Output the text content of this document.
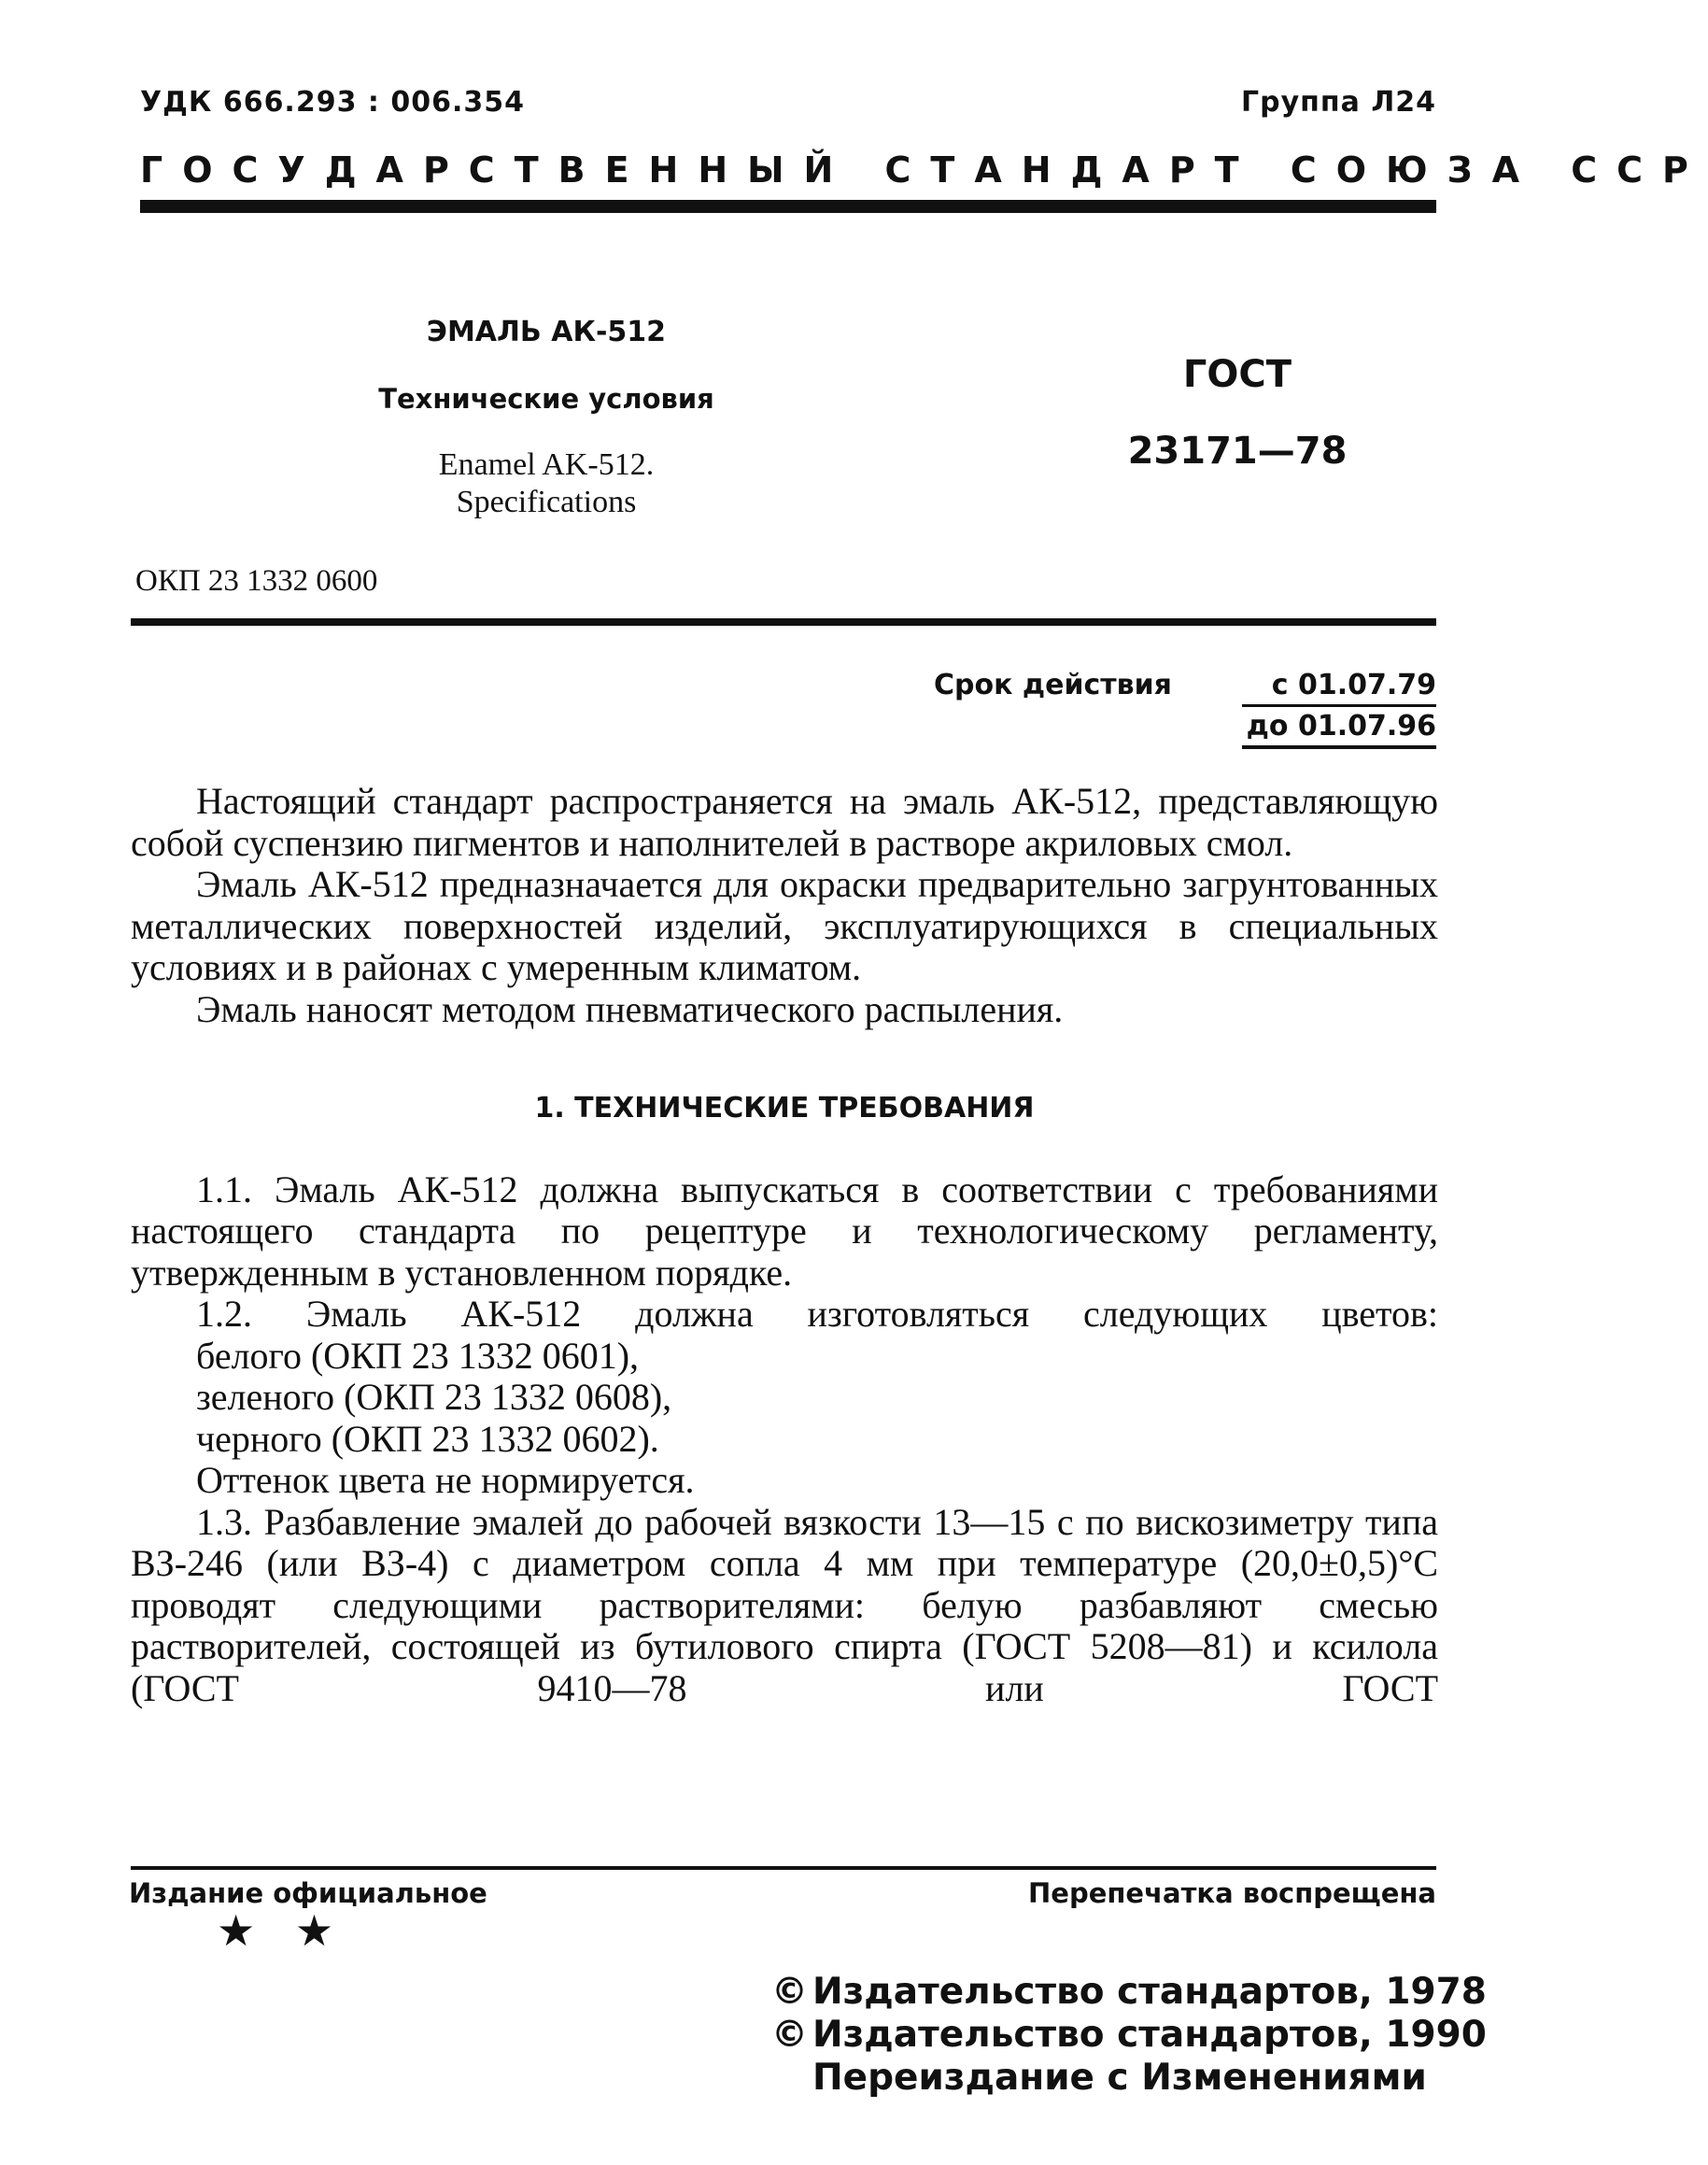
УДК 666.293 : 006.354	Группа Л24
ГОСУДАРСТВЕННЫЙ СТАНДАРТ СОЮЗА ССР
ЭМАЛЬ АК-512
Технические условия
Enamel AK-512.
Specifications
ГОСТ
23171—78
ОКП 23 1332 0600
Срок действия	с 01.07.79
до 01.07.96

Настоящий стандарт распространяется на эмаль АК-512, представляющую собой суспензию пигментов и наполнителей в растворе акриловых смол.

Эмаль АК-512 предназначается для окраски предварительно загрунтованных металлических поверхностей изделий, эксплуатирующихся в специальных условиях и в районах с умеренным климатом.

Эмаль наносят методом пневматического распыления.

1. ТЕХНИЧЕСКИЕ ТРЕБОВАНИЯ

1.1. Эмаль АК-512 должна выпускаться в соответствии с требованиями настоящего стандарта по рецептуре и технологическому регламенту, утвержденным в установленном порядке.

1.2. Эмаль АК-512 должна изготовляться следующих цветов:

белого (ОКП 23 1332 0601),

зеленого (ОКП 23 1332 0608),

черного (ОКП 23 1332 0602).

Оттенок цвета не нормируется.

1.3. Разбавление эмалей до рабочей вязкости 13—15 с по вискозиметру типа ВЗ-246 (или ВЗ-4) с диаметром сопла 4 мм при температуре (20,0±0,5)°С проводят следующими растворителями: белую разбавляют смесью растворителей, состоящей из бутилового спирта (ГОСТ 5208—81) и ксилола (ГОСТ 9410—78 или ГОСТ

Издание официальное	Перепечатка воспрещена
★ ★
© Издательство стандартов, 1978
© Издательство стандартов, 1990
Переиздание с Изменениями
